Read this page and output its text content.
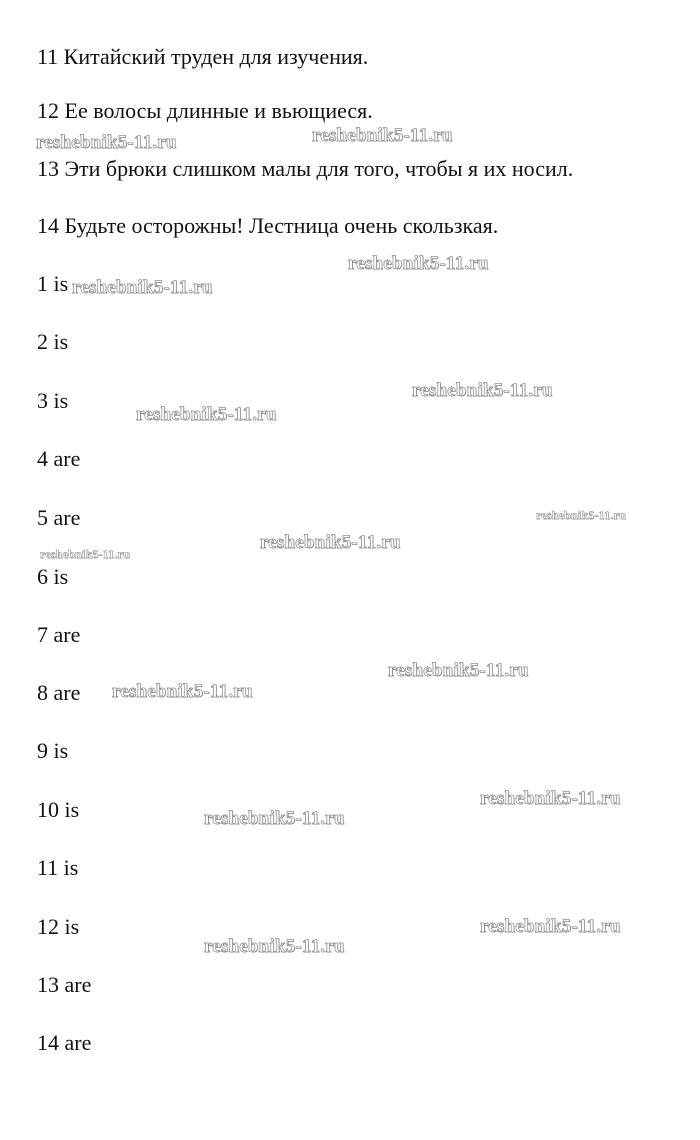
11 Китайский труден для изучения.
12 Ее волосы длинные и вьющиеся.
13 Эти брюки слишком малы для того, чтобы я их носил.
14 Будьте осторожны! Лестница очень скользкая.
1 is
2 is
3 is
4 are
5 are
6 is
7 are
8 are
9 is
10 is
11 is
12 is
13 are
14 are
reshebnik5-11.ru	reshebnik5-11.ru
reshebnik5-11.ru
reshebnik5-11.ru
reshebnik5-11.ru
reshebnik5-11.ru
reshebnik5-11.ru
reshebnik5-11.ru
reshebnik5-11.ru
reshebnik5-11.ru
reshebnik5-11.ru
reshebnik5-11.ru
reshebnik5-11.ru
reshebnik5-11.ru
reshebnik5-11.ru
